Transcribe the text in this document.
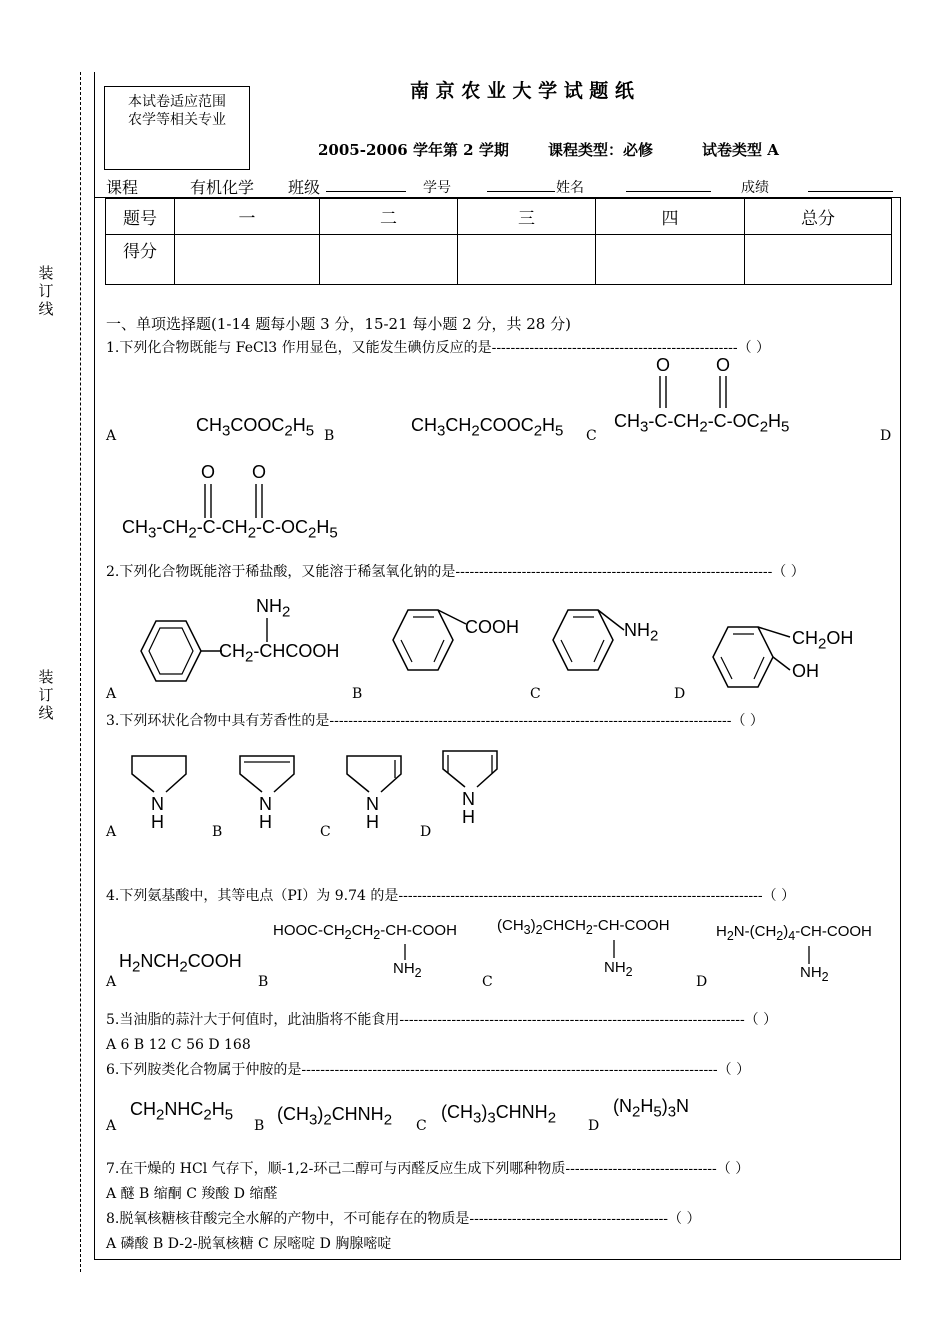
装订线
装订线
本试卷适应范围
农学等相关专业
南 京 农 业 大 学 试 题 纸
2005-2006 学年第 2 学期	课程类型：必修	试卷类型 A
课程	有机化学 班级	学号	姓名	成绩
题号	一	二	三	四	总分
得分					
一、单项选择题(1-14 题每小题 3 分，15-21 每小题 2 分，共 28 分)
1.下列化合物既能与 FeCl3 作用显色，又能发生碘仿反应的是----------------------------------------------------（ ）
A
$CH_3COOC_2H_5$ B
$CH_3CH_2COOC_2H_5$ C
O	O
$CH_3-C-CH_2-C-OC_2H_5$
D
O O
$CH_3-CH_2-C-CH_2-C-OC_2H_5$
2.下列化合物既能溶于稀盐酸，又能溶于稀氢氧化钠的是-------------------------------------------------------------------（ ）
A
$NH_2$
$CH_2$-CHCOOH
B
COOH
C
$NH_2$
D
$CH_2OH$
OH
3.下列环状化合物中具有芳香性的是-------------------------------------------------------------------------------------（ ）
A
N
H	B
N
H	C
N
H	D
N
H
4.下列氨基酸中，其等电点（PI）为 9.74 的是-----------------------------------------------------------------------------（ ）
A
$H_2NCH_2COOH$
B
HOOC-$CH_2CH_2-CH$-COOH
$NH_2$
C
$(CH_3)_2CHCH_2-CH$-COOH
$NH_2$
D
$H_2N-(CH_2)_4-CH$-COOH
$NH_2$
5.当油脂的蒜汁大于何值时，此油脂将不能食用-------------------------------------------------------------------------（ ）
A 6 B 12 C 56 D 168
6.下列胺类化合物属于仲胺的是----------------------------------------------------------------------------------------（ ）
A
$CH_2NHC_2H_5$
B
$(CH_3)_2CHNH_2$ C
$(CH_3)_3CHNH_2$ D
$(N_2H_5)_3N$
7.在干燥的 HCl 气存下，顺-1,2-环己二醇可与丙醛反应生成下列哪种物质--------------------------------（ ）
A 醚 B 缩酮 C 羧酸 D 缩醛
8.脱氧核糖核苷酸完全水解的产物中，不可能存在的物质是------------------------------------------（ ）
A 磷酸 B D-2-脱氧核糖 C 尿嘧啶 D 胸腺嘧啶
